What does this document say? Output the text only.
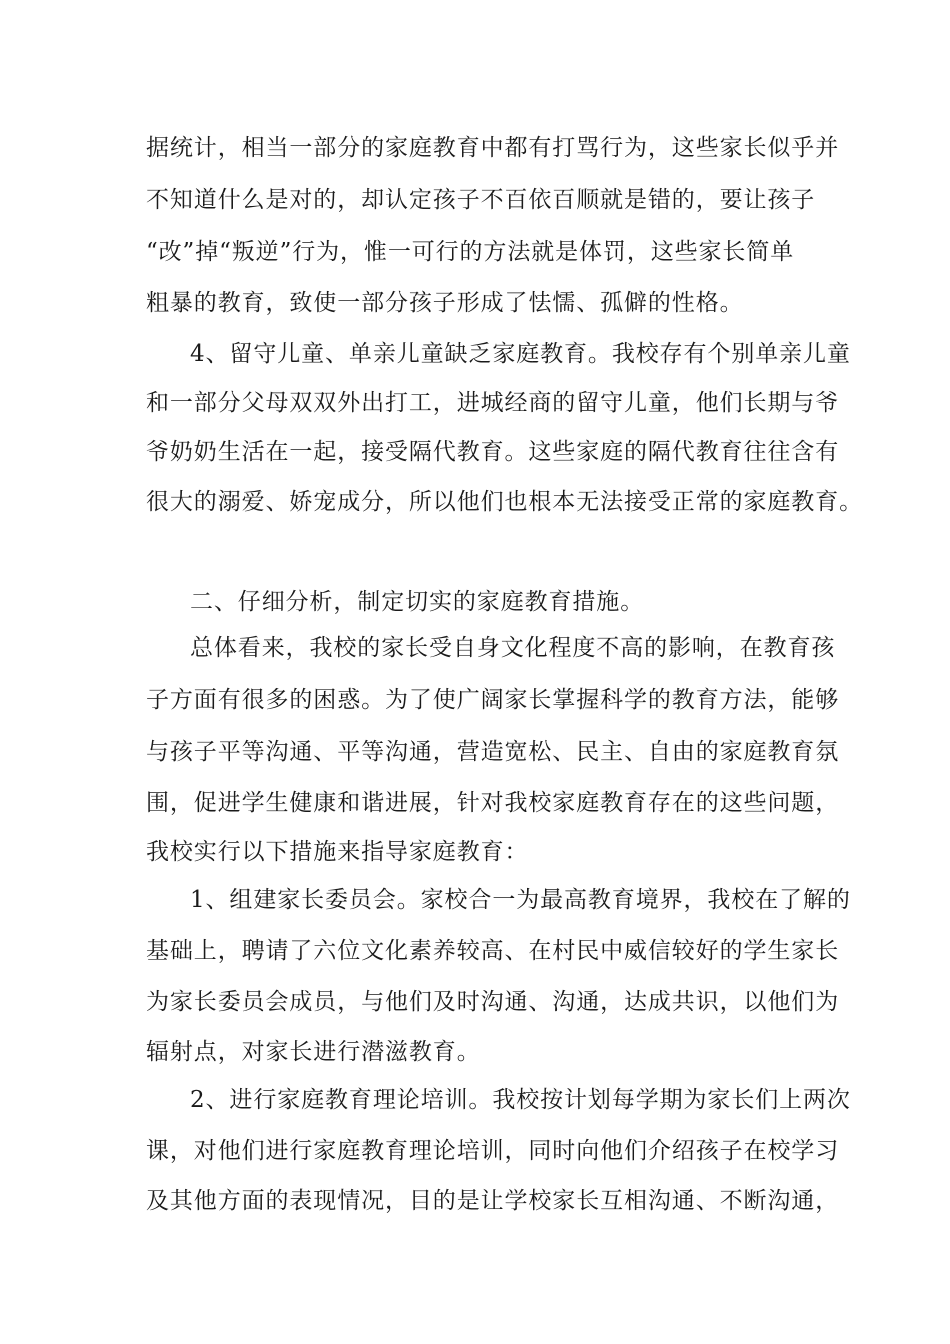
据统计，相当一部分的家庭教育中都有打骂行为，这些家长似乎并

不知道什么是对的，却认定孩子不百依百顺就是错的，要让孩子

“改”掉“叛逆”行为，惟一可行的方法就是体罚，这些家长简单

粗暴的教育，致使一部分孩子形成了怯懦、孤僻的性格。

4、留守儿童、单亲儿童缺乏家庭教育。我校存有个别单亲儿童

和一部分父母双双外出打工，进城经商的留守儿童，他们长期与爷

爷奶奶生活在一起，接受隔代教育。这些家庭的隔代教育往往含有

很大的溺爱、娇宠成分，所以他们也根本无法接受正常的家庭教育。

二、仔细分析，制定切实的家庭教育措施。

总体看来，我校的家长受自身文化程度不高的影响，在教育孩

子方面有很多的困惑。为了使广阔家长掌握科学的教育方法，能够

与孩子平等沟通、平等沟通，营造宽松、民主、自由的家庭教育氛

围，促进学生健康和谐进展，针对我校家庭教育存在的这些问题，

我校实行以下措施来指导家庭教育：

1、组建家长委员会。家校合一为最高教育境界，我校在了解的

基础上，聘请了六位文化素养较高、在村民中威信较好的学生家长

为家长委员会成员，与他们及时沟通、沟通，达成共识，以他们为

辐射点，对家长进行潜滋教育。

2、进行家庭教育理论培训。我校按计划每学期为家长们上两次

课，对他们进行家庭教育理论培训，同时向他们介绍孩子在校学习

及其他方面的表现情况，目的是让学校家长互相沟通、不断沟通，
